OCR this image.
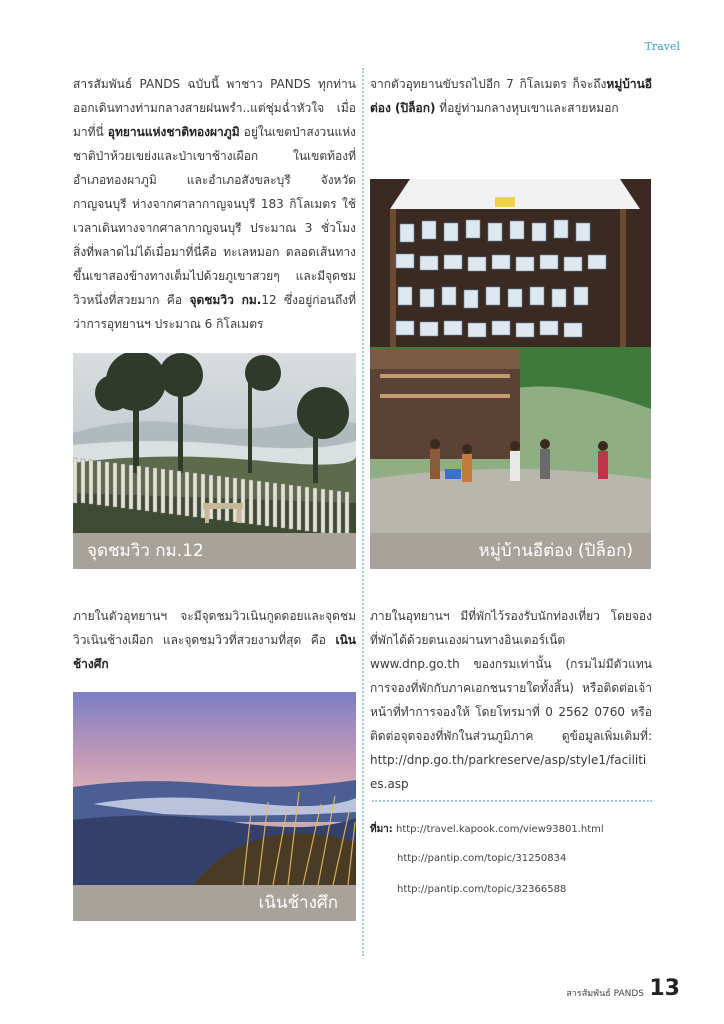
Travel

สารสัมพันธ์ PANDS ฉบับนี้ พาชาว PANDS ทุกท่านออกเดินทางท่ามกลางสายฝนพรำ..แต่ชุ่มฉ่ำหัวใจ เมื่อมาที่นี่ อุทยานแห่งชาติทองผาภูมิ อยู่ในเขตป่าสงวนแห่งชาติป่าห้วยเขย่งและป่าเขาช้างเผือก ในเขตท้องที่อำเภอทองผาภูมิ และอำเภอสังขละบุรี จังหวัดกาญจนบุรี ห่างจากศาลากาญจนบุรี 183 กิโลเมตร ใช้เวลาเดินทางจากศาลากาญจนบุรี ประมาณ 3 ชั่วโมง สิ่งที่พลาดไม่ได้เมื่อมาที่นี่คือ ทะเลหมอก ตลอดเส้นทางขึ้นเขาสองข้างทางเต็มไปด้วยภูเขาสวยๆ และมีจุดชมวิวหนึ่งที่สวยมาก คือ จุดชมวิว กม.12 ซึ่งอยู่ก่อนถึงที่ว่าการอุทยานฯ ประมาณ 6 กิโลเมตร

จุดชมวิว กม.12

ภายในตัวอุทยานฯ จะมีจุดชมวิวเนินกูดดอยและจุดชมวิวเนินช้างเผือก และจุดชมวิวที่สวยงามที่สุด คือ เนินช้างศึก

เนินช้างศึก

จากตัวอุทยานขับรถไปอีก 7 กิโลเมตร ก็จะถึงหมู่บ้านอีต่อง (ปิล็อก) ที่อยู่ท่ามกลางหุบเขาและสายหมอก

หมู่บ้านอีต่อง (ปิล็อก)

ภายในอุทยานฯ มีที่พักไว้รองรับนักท่องเที่ยว โดยจองที่พักได้ด้วยตนเองผ่านทางอินเตอร์เน็ต www.dnp.go.th ของกรมเท่านั้น (กรมไม่มีตัวแทนการจองที่พักกับภาคเอกชนรายใดทั้งสิ้น) หรือติดต่อเจ้าหน้าที่ทำการจองให้ โดยโทรมาที่ 0 2562 0760 หรือติดต่อจุดจองที่พักในส่วนภูมิภาค ดูข้อมูลเพิ่มเติมที่: http://dnp.go.th/parkreserve/asp/style1/facilities.asp

ที่มา: http://travel.kapook.com/view93801.html
http://pantip.com/topic/31250834
http://pantip.com/topic/32366588
สารสัมพันธ์ PANDS 13
